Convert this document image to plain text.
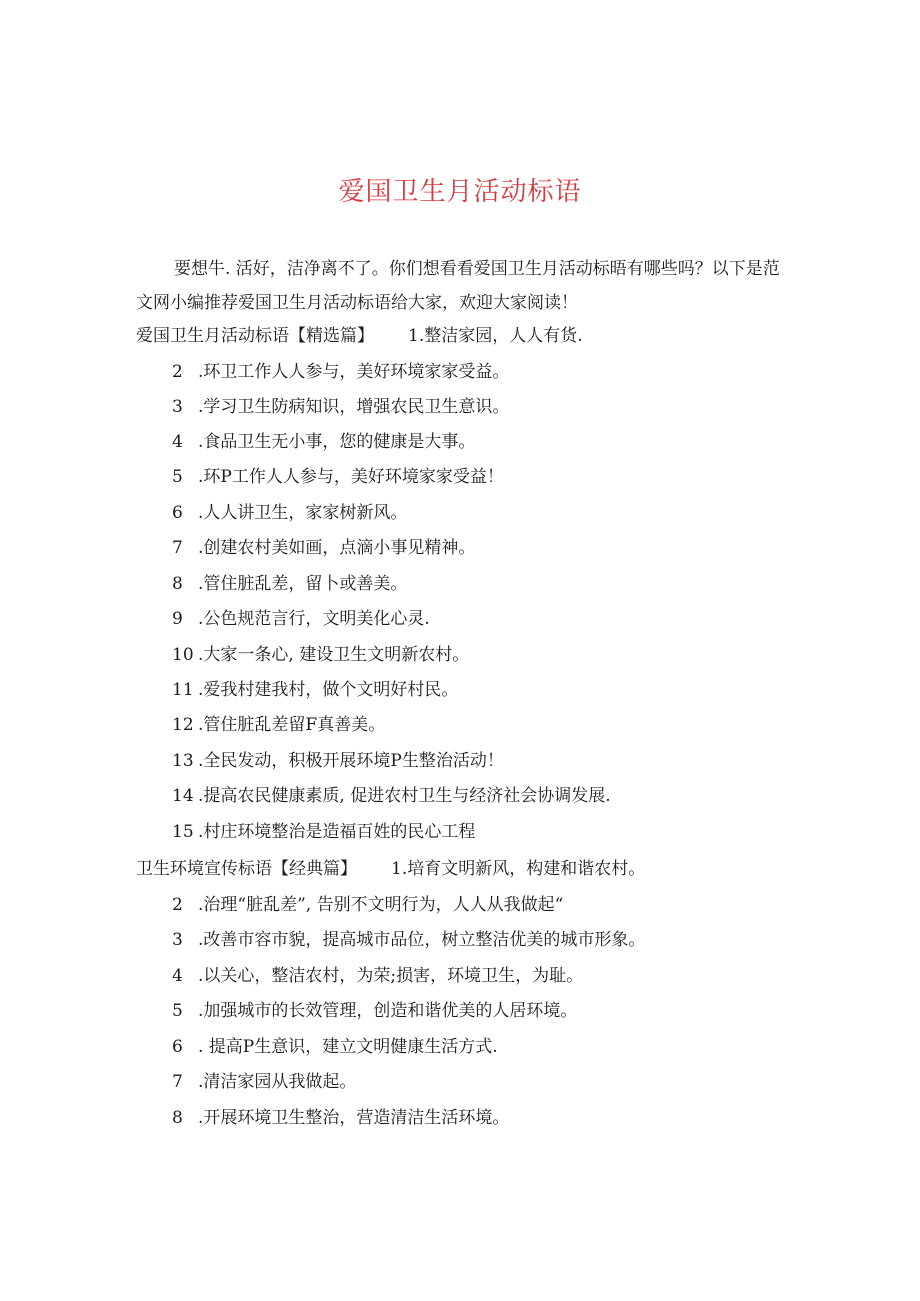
爱国卫生月活动标语
要想牛. 活好，洁净离不了。你们想看看爱国卫生月活动标晤有哪些吗？以下是范文网小编推荐爱国卫生月活动标语给大家，欢迎大家阅读！
爱国卫生月活动标语【精选篇】 1.整洁家园，人人有货.
2 .环卫工作人人参与，美好环境家家受益。
3 .学习卫生防病知识，增强农民卫生意识。
4 .食品卫生无小事，您的健康是大事。
5 .环P工作人人参与，美好环境家家受益！
6 .人人讲卫生，家家树新风。
7 .创建农村美如画，点滴小事见精神。
8 .管住脏乱差，留卜或善美。
9 .公色规范言行，文明美化心灵.
10 .大家一条心, 建设卫生文明新农村。
11 .爱我村建我村，做个文明好村民。
12 .管住脏乱差留F真善美。
13 .全民发动，积极开展环境P生整治活动！
14 .提高农民健康素质, 促进农村卫生与经济社会协调发展.
15 .村庄环境整治是造福百姓的民心工程
卫生环境宣传标语【经典篇】 1.培育文明新风，构建和谐农村。
2 .治理“脏乱差”, 告别不文明行为，人人从我做起“
3 .改善市容市貌，提高城市品位，树立整洁优美的城市形象。
4 .以关心，整洁农村，为荣;损害，环境卫生，为耻。
5 .加强城市的长效管理，创造和谐优美的人居环境。
6 . 提高P生意识，建立文明健康生活方式.
7 .清洁家园从我做起。
8 .开展环境卫生整治，营造清洁生活环境。
